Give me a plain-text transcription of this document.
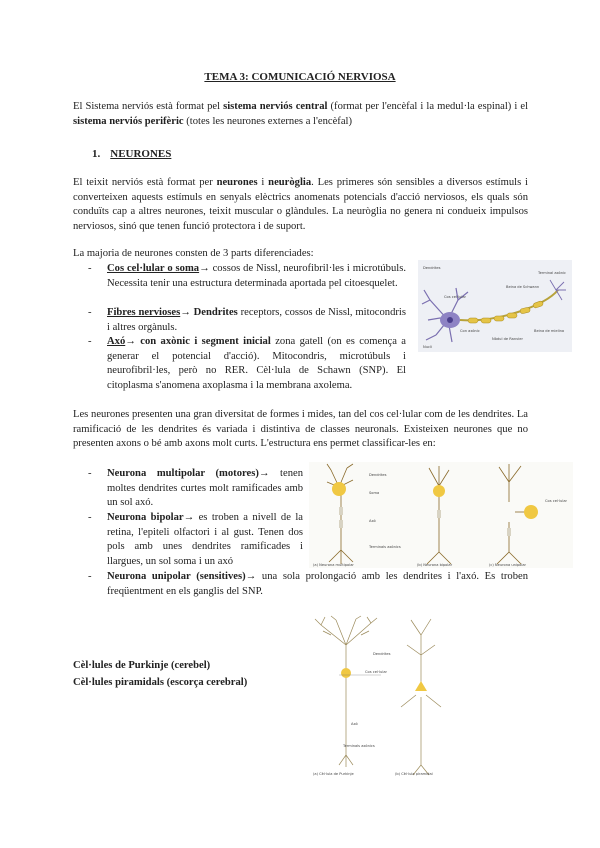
TEMA 3: COMUNICACIÓ NERVIOSA
El Sistema nerviós està format pel sistema nerviós central (format per l'encèfal i la medul·la espinal) i el sistema nerviós perifèric (totes les neurones externes a l'encèfal)
1. NEURONES
El teixit nerviós està format per neurones i neuròglia. Les primeres són sensibles a diversos estímuls i converteixen aquests estímuls en senyals elèctrics anomenats potencials d'acció nerviosos, els quals són conduïts cap a altres neurones, teixit muscular o glàndules. La neuròglia no genera ni condueix impulsos nerviosos, sinó que tenen funció protectora i de suport.
La majoria de neurones consten de 3 parts diferenciades:
- Cos cel·lular o soma→ cossos de Nissl, neurofibril·les i microtúbuls. Necessita tenir una estructura determinada aportada pel citoesquelet.
- Fibres nervioses→ Dendrites receptors, cossos de Nissl, mitocondris i altres orgànuls.
- Axó→ con axònic i segment inicial zona gatell (on es comença a generar el potencial d'acció). Mitocondris, microtúbuls i neurofibril·les, però no RER. Cèl·lula de Schawn (SNP). El citoplasma s'anomena axoplasma i la membrana axolema.
Dendrites
Nucli
Cos cel·lular
Con axònic
Beina de Schwann
Terminal axònic
Nòdul de Ranvier
Beina de mielina
Les neurones presenten una gran diversitat de formes i mides, tan del cos cel·lular com de les dendrites. La ramificació de les dendrites és variada i distintiva de classes neuronals. Existeixen neurones que no presenten axons o bé amb axons molt curts. L'estructura ens permet classificar-les en:
- Neurona multipolar (motores)→ tenen moltes dendrites curtes molt ramificades amb un sol axó.
- Neurona bipolar→ es troben a nivell de la retina, l'epiteli olfactori i al gust. Tenen dos pols amb unes dendrites ramificades i llargues, un sol soma i un axó
- Neurona unipolar (sensitives)→ una sola prolongació amb les dendrites i l'axó. Es troben freqüentment en els ganglis del SNP.
(a) Neurona multipolar	(b) Neurona bipolar	(c) Neurona unipolar
Dendrites
Axó
Soma
Terminals axònics
Cos cel·lular
Cèl·lules de Purkinje (cerebel)
Cèl·lules piramidals (escorça cerebral)
Dendrites
Cos cel·lular
Axó
Terminals axònics
(a) Cèl·lula de Purkinje	(b) Cèl·lula piramidal
